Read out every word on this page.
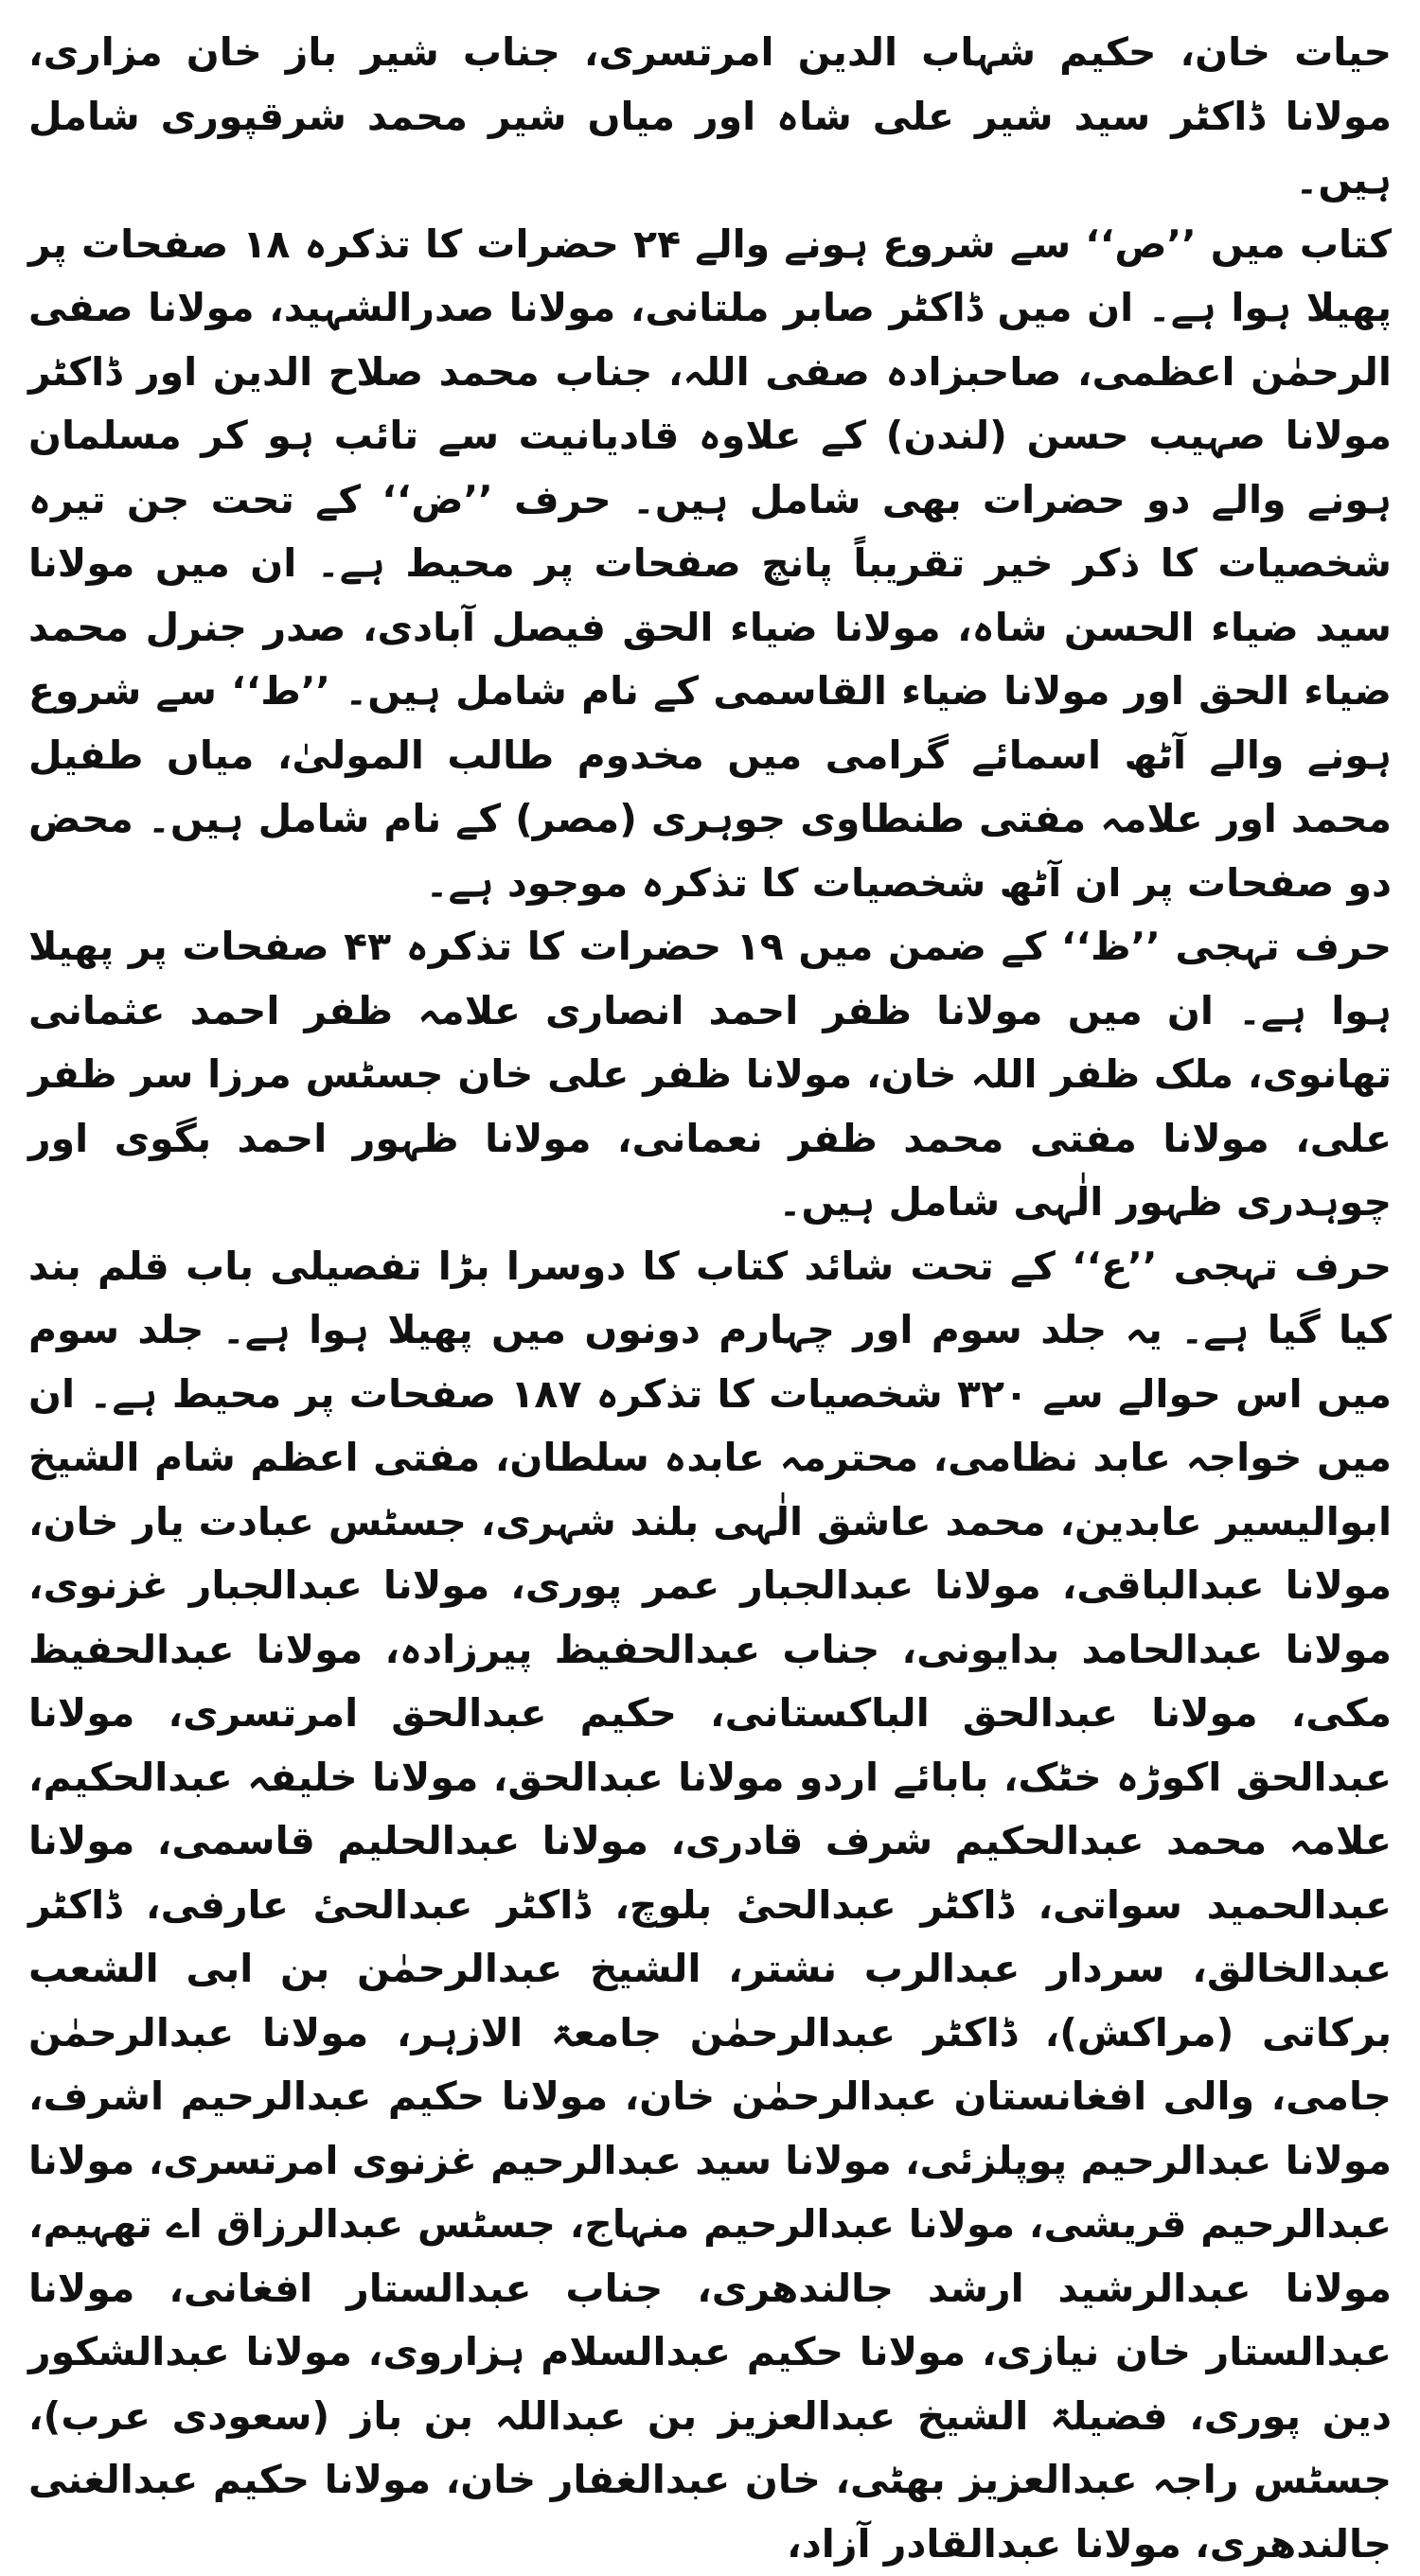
حیات خان، حکیم شہاب الدین امرتسری، جناب شیر باز خان مزاری، مولانا ڈاکٹر سید شیر علی شاہ اور میاں شیر محمد شرقپوری شامل ہیں۔

کتاب میں ’’ص‘‘ سے شروع ہونے والے ۲۴ حضرات کا تذکرہ ۱۸ صفحات پر پھیلا ہوا ہے۔ ان میں ڈاکٹر صابر ملتانی، مولانا صدرالشہید، مولانا صفی الرحمٰن اعظمی، صاحبزادہ صفی اللہ، جناب محمد صلاح الدین اور ڈاکٹر مولانا صہیب حسن (لندن) کے علاوہ قادیانیت سے تائب ہو کر مسلمان ہونے والے دو حضرات بھی شامل ہیں۔ حرف ’’ض‘‘ کے تحت جن تیرہ شخصیات کا ذکر خیر تقریباً پانچ صفحات پر محیط ہے۔ ان میں مولانا سید ضیاء الحسن شاہ، مولانا ضیاء الحق فیصل آبادی، صدر جنرل محمد ضیاء الحق اور مولانا ضیاء القاسمی کے نام شامل ہیں۔ ’’ط‘‘ سے شروع ہونے والے آٹھ اسمائے گرامی میں مخدوم طالب المولیٰ، میاں طفیل محمد اور علامہ مفتی طنطاوی جوہری (مصر) کے نام شامل ہیں۔ محض دو صفحات پر ان آٹھ شخصیات کا تذکرہ موجود ہے۔

حرف تہجی ’’ظ‘‘ کے ضمن میں ۱۹ حضرات کا تذکرہ ۴۳ صفحات پر پھیلا ہوا ہے۔ ان میں مولانا ظفر احمد انصاری علامہ ظفر احمد عثمانی تھانوی، ملک ظفر اللہ خان، مولانا ظفر علی خان جسٹس مرزا سر ظفر علی، مولانا مفتی محمد ظفر نعمانی، مولانا ظہور احمد بگوی اور چوہدری ظہور الٰہی شامل ہیں۔

حرف تہجی ’’ع‘‘ کے تحت شائد کتاب کا دوسرا بڑا تفصیلی باب قلم بند کیا گیا ہے۔ یہ جلد سوم اور چہارم دونوں میں پھیلا ہوا ہے۔ جلد سوم میں اس حوالے سے ۳۲۰ شخصیات کا تذکرہ ۱۸۷ صفحات پر محیط ہے۔ ان میں خواجہ عابد نظامی، محترمہ عابدہ سلطان، مفتی اعظم شام الشیخ ابوالیسیر عابدین، محمد عاشق الٰہی بلند شہری، جسٹس عبادت یار خان، مولانا عبدالباقی، مولانا عبدالجبار عمر پوری، مولانا عبدالجبار غزنوی، مولانا عبدالحامد بدایونی، جناب عبدالحفیظ پیرزادہ، مولانا عبدالحفیظ مکی، مولانا عبدالحق الباکستانی، حکیم عبدالحق امرتسری، مولانا عبدالحق اکوڑہ خٹک، بابائے اردو مولانا عبدالحق، مولانا خلیفہ عبدالحکیم، علامہ محمد عبدالحکیم شرف قادری، مولانا عبدالحلیم قاسمی، مولانا عبدالحمید سواتی، ڈاکٹر عبدالحیٔ بلوچ، ڈاکٹر عبدالحیٔ عارفی، ڈاکٹر عبدالخالق، سردار عبدالرب نشتر، الشیخ عبدالرحمٰن بن ابی الشعب برکاتی (مراکش)، ڈاکٹر عبدالرحمٰن جامعۃ الازہر، مولانا عبدالرحمٰن جامی، والی افغانستان عبدالرحمٰن خان، مولانا حکیم عبدالرحیم اشرف، مولانا عبدالرحیم پوپلزئی، مولانا سید عبدالرحیم غزنوی امرتسری، مولانا عبدالرحیم قریشی، مولانا عبدالرحیم منہاج، جسٹس عبدالرزاق اے تھہیم، مولانا عبدالرشید ارشد جالندھری، جناب عبدالستار افغانی، مولانا عبدالستار خان نیازی، مولانا حکیم عبدالسلام ہزاروی، مولانا عبدالشکور دین پوری، فضیلۃ الشیخ عبدالعزیز بن عبداللہ بن باز (سعودی عرب)، جسٹس راجہ عبدالعزیز بھٹی، خان عبدالغفار خان، مولانا حکیم عبدالغنی جالندھری، مولانا عبدالقادر آزاد،
